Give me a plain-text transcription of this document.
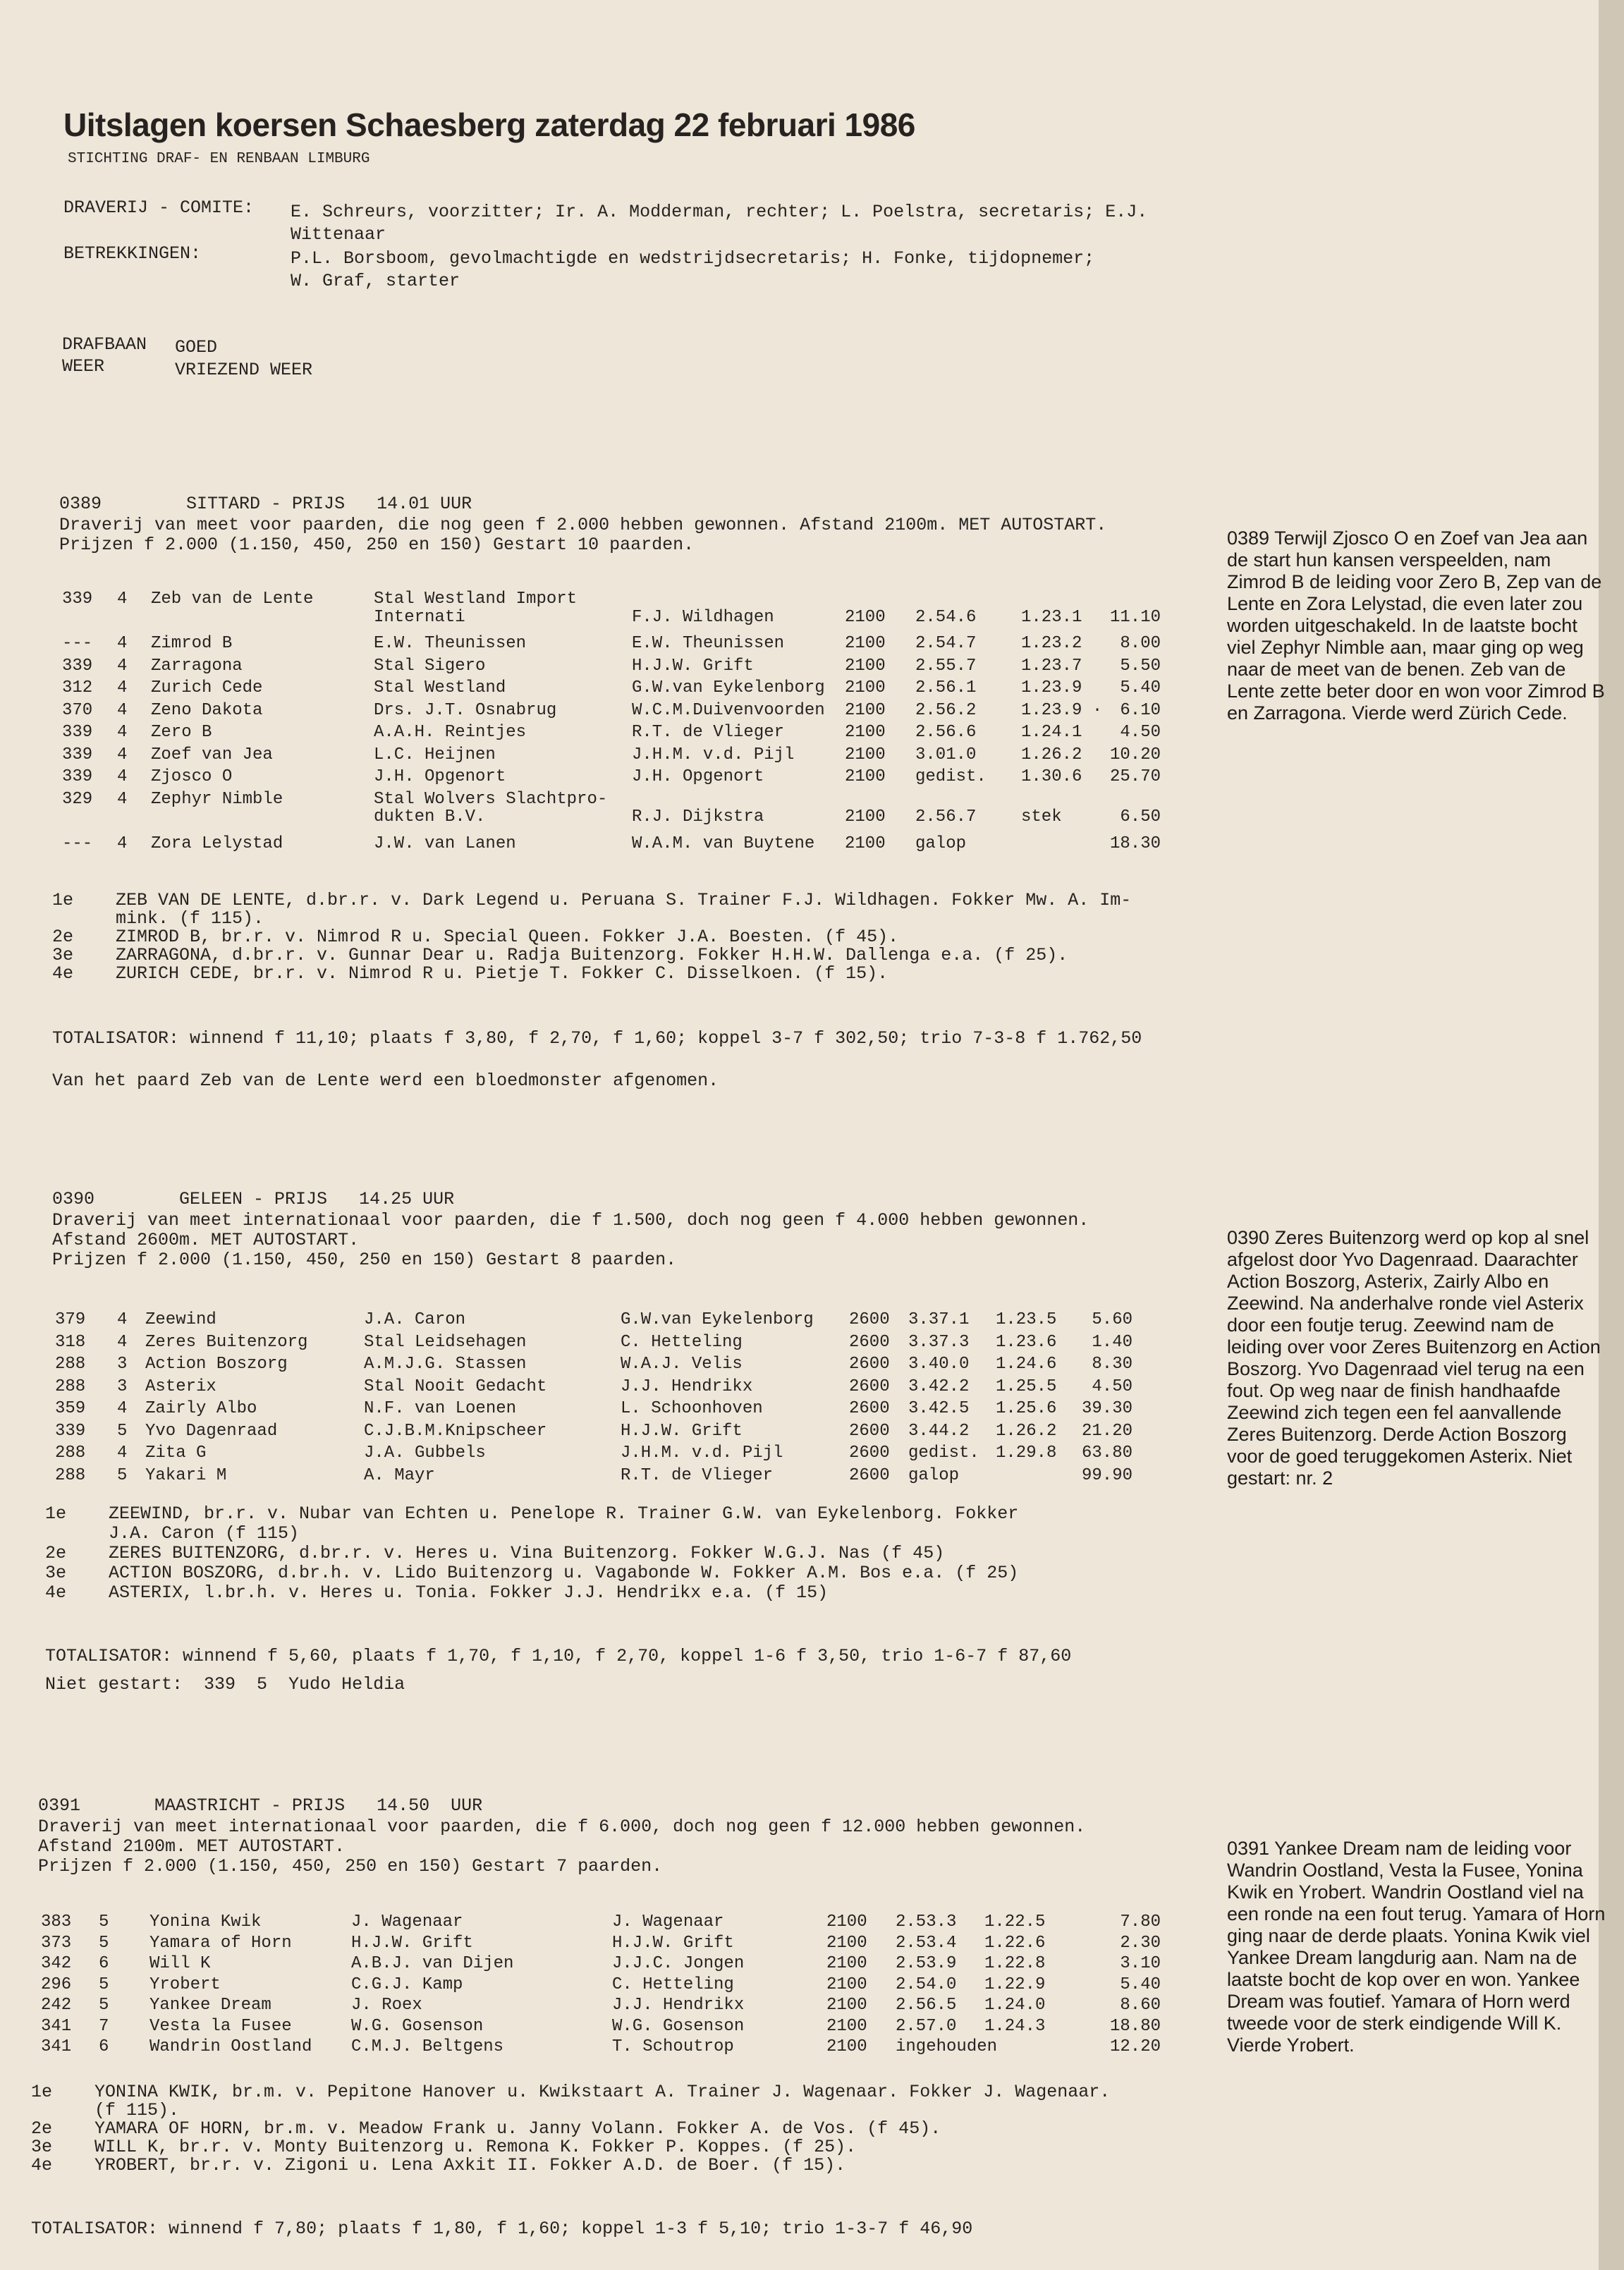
Uitslagen koersen Schaesberg zaterdag 22 februari 1986
STICHTING DRAF- EN RENBAAN LIMBURG
DRAVERIJ - COMITE: E. Schreurs, voorzitter; Ir. A. Modderman, rechter; L. Poelstra, secretaris; E.J.
Wittenaar
BETREKKINGEN:	P.L. Borsboom, gevolmachtigde en wedstrijdsecretaris; H. Fonke, tijdopnemer;
W. Graf, starter
DRAFBAAN GOED
WEER	VRIEZEND WEER
0389        SITTARD - PRIJS   14.01 UUR
Draverij van meet voor paarden, die nog geen f 2.000 hebben gewonnen. Afstand 2100m. MET AUTOSTART.
Prijzen f 2.000 (1.150, 450, 250 en 150) Gestart 10 paarden.
339 4 Zeb van de Lente	Stal Westland Import
Internati	F.J. Wildhagen	2100 2.54.6	1.23.1	11.10
--- 4 Zimrod B	E.W. Theunissen	E.W. Theunissen	2100 2.54.7	1.23.2	8.00
339 4 Zarragona	Stal Sigero	H.J.W. Grift	2100 2.55.7	1.23.7	5.50
312 4 Zurich Cede	Stal Westland	G.W.van Eykelenborg 2100 2.56.1	1.23.9	5.40
370 4 Zeno Dakota	Drs. J.T. Osnabrug	W.C.M.Duivenvoorden 2100 2.56.2	1.23.9 ·	6.10
339 4 Zero B	A.A.H. Reintjes	R.T. de Vlieger	2100 2.56.6	1.24.1	4.50
339 4 Zoef van Jea	L.C. Heijnen	J.H.M. v.d. Pijl	2100 3.01.0	1.26.2	10.20
339 4 Zjosco O	J.H. Opgenort	J.H. Opgenort	2100 gedist. 1.30.6	25.70
329 4 Zephyr Nimble	Stal Wolvers Slachtpro-
dukten B.V.	R.J. Dijkstra	2100 2.56.7	stek	6.50
--- 4 Zora Lelystad	J.W. van Lanen	W.A.M. van Buytene 2100 galop	18.30
1e ZEB VAN DE LENTE, d.br.r. v. Dark Legend u. Peruana S. Trainer F.J. Wildhagen. Fokker Mw. A. Im-
mink. (f 115).
2e ZIMROD B, br.r. v. Nimrod R u. Special Queen. Fokker J.A. Boesten. (f 45).
3e ZARRAGONA, d.br.r. v. Gunnar Dear u. Radja Buitenzorg. Fokker H.H.W. Dallenga e.a. (f 25).
4e ZURICH CEDE, br.r. v. Nimrod R u. Pietje T. Fokker C. Disselkoen. (f 15).
TOTALISATOR: winnend f 11,10; plaats f 3,80, f 2,70, f 1,60; koppel 3-7 f 302,50; trio 7-3-8 f 1.762,50
Van het paard Zeb van de Lente werd een bloedmonster afgenomen.
0389 Terwijl Zjosco O en Zoef van Jea aan de start hun kansen verspeelden, nam Zimrod B de leiding voor Zero B, Zep van de Lente en Zora Lelystad, die even later zou worden uitgeschakeld. In de laatste bocht viel Zephyr Nimble aan, maar ging op weg naar de meet van de benen. Zeb van de Lente zette beter door en won voor Zimrod B en Zarragona. Vierde werd Zürich Cede.
0390        GELEEN - PRIJS   14.25 UUR
Draverij van meet internationaal voor paarden, die f 1.500, doch nog geen f 4.000 hebben gewonnen.
Afstand 2600m. MET AUTOSTART.
Prijzen f 2.000 (1.150, 450, 250 en 150) Gestart 8 paarden.
379 4 Zeewind	J.A. Caron	G.W.van Eykelenborg 2600 3.37.1 1.23.5	5.60
318 4 Zeres Buitenzorg	Stal Leidsehagen	C. Hetteling	2600 3.37.3 1.23.6	1.40
288 3 Action Boszorg	A.M.J.G. Stassen	W.A.J. Velis	2600 3.40.0 1.24.6	8.30
288 3 Asterix	Stal Nooit Gedacht	J.J. Hendrikx	2600 3.42.2 1.25.5	4.50
359 4 Zairly Albo	N.F. van Loenen	L. Schoonhoven	2600 3.42.5 1.25.6	39.30
339 5 Yvo Dagenraad	C.J.B.M.Knipscheer	H.J.W. Grift	2600 3.44.2 1.26.2	21.20
288 4 Zita G	J.A. Gubbels	J.H.M. v.d. Pijl	2600 gedist. 1.29.8	63.80
288 5 Yakari M	A. Mayr	R.T. de Vlieger	2600 galop	99.90
1e ZEEWIND, br.r. v. Nubar van Echten u. Penelope R. Trainer G.W. van Eykelenborg. Fokker
J.A. Caron (f 115)
2e ZERES BUITENZORG, d.br.r. v. Heres u. Vina Buitenzorg. Fokker W.G.J. Nas (f 45)
3e ACTION BOSZORG, d.br.h. v. Lido Buitenzorg u. Vagabonde W. Fokker A.M. Bos e.a. (f 25)
4e ASTERIX, l.br.h. v. Heres u. Tonia. Fokker J.J. Hendrikx e.a. (f 15)
TOTALISATOR: winnend f 5,60, plaats f 1,70, f 1,10, f 2,70, koppel 1-6 f 3,50, trio 1-6-7 f 87,60
Niet gestart:  339  5  Yudo Heldia
0390 Zeres Buitenzorg werd op kop al snel afgelost door Yvo Dagenraad. Daarachter Action Boszorg, Asterix, Zairly Albo en Zeewind. Na anderhalve ronde viel Asterix door een foutje terug. Zeewind nam de leiding over voor Zeres Buitenzorg en Action Boszorg. Yvo Dagenraad viel terug na een fout. Op weg naar de finish handhaafde Zeewind zich tegen een fel aanvallende Zeres Buitenzorg. Derde Action Boszorg voor de goed teruggekomen Asterix. Niet gestart: nr. 2
0391       MAASTRICHT - PRIJS   14.50  UUR
Draverij van meet internationaal voor paarden, die f 6.000, doch nog geen f 12.000 hebben gewonnen.
Afstand 2100m. MET AUTOSTART.
Prijzen f 2.000 (1.150, 450, 250 en 150) Gestart 7 paarden.
383 5 Yonina Kwik	J. Wagenaar	J. Wagenaar	2100 2.53.3 1.22.5	7.80
373 5 Yamara of Horn	H.J.W. Grift	H.J.W. Grift	2100 2.53.4 1.22.6	2.30
342 6 Will K	A.B.J. van Dijen	J.J.C. Jongen	2100 2.53.9 1.22.8	3.10
296 5 Yrobert	C.G.J. Kamp	C. Hetteling	2100 2.54.0 1.22.9	5.40
242 5 Yankee Dream	J. Roex	J.J. Hendrikx	2100 2.56.5 1.24.0	8.60
341 7 Vesta la Fusee	W.G. Gosenson	W.G. Gosenson	2100 2.57.0 1.24.3	18.80
341 6 Wandrin Oostland C.M.J. Beltgens	T. Schoutrop	2100 ingehouden	12.20
1e YONINA KWIK, br.m. v. Pepitone Hanover u. Kwikstaart A. Trainer J. Wagenaar. Fokker J. Wagenaar.
(f 115).
2e YAMARA OF HORN, br.m. v. Meadow Frank u. Janny Volann. Fokker A. de Vos. (f 45).
3e WILL K, br.r. v. Monty Buitenzorg u. Remona K. Fokker P. Koppes. (f 25).
4e YROBERT, br.r. v. Zigoni u. Lena Axkit II. Fokker A.D. de Boer. (f 15).
TOTALISATOR: winnend f 7,80; plaats f 1,80, f 1,60; koppel 1-3 f 5,10; trio 1-3-7 f 46,90
0391 Yankee Dream nam de leiding voor Wandrin Oostland, Vesta la Fusee, Yonina Kwik en Yrobert. Wandrin Oostland viel na een ronde na een fout terug. Yamara of Horn ging naar de derde plaats. Yonina Kwik viel Yankee Dream langdurig aan. Nam na de laatste bocht de kop over en won. Yankee Dream was foutief. Yamara of Horn werd tweede voor de sterk eindigende Will K. Vierde Yrobert.
